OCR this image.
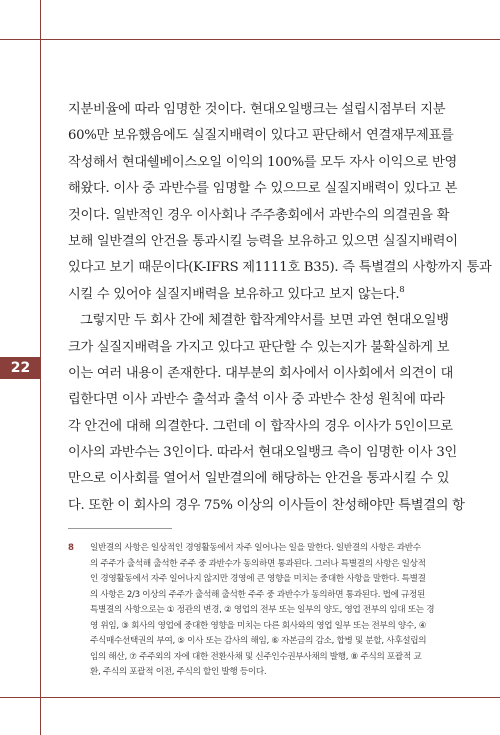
22
지분비율에 따라 임명한 것이다. 현대오일뱅크는 설립시점부터 지분
60%만 보유했음에도 실질지배력이 있다고 판단해서 연결재무제표를
작성해서 현대쉘베이스오일 이익의 100%를 모두 자사 이익으로 반영
해왔다. 이사 중 과반수를 임명할 수 있으므로 실질지배력이 있다고 본
것이다. 일반적인 경우 이사회나 주주총회에서 과반수의 의결권을 확
보해 일반결의 안건을 통과시킬 능력을 보유하고 있으면 실질지배력이
있다고 보기 때문이다(K-IFRS 제1111호 B35). 즉 특별결의 사항까지 통과
시킬 수 있어야 실질지배력을 보유하고 있다고 보지 않는다.$^8$
그렇지만 두 회사 간에 체결한 합작계약서를 보면 과연 현대오일뱅
크가 실질지배력을 가지고 있다고 판단할 수 있는지가 불확실하게 보
이는 여러 내용이 존재한다. 대부분의 회사에서 이사회에서 의견이 대
립한다면 이사 과반수 출석과 출석 이사 중 과반수 찬성 원칙에 따라
각 안건에 대해 의결한다. 그런데 이 합작사의 경우 이사가 5인이므로
이사의 과반수는 3인이다. 따라서 현대오일뱅크 측이 임명한 이사 3인
만으로 이사회를 열어서 일반결의에 해당하는 안건을 통과시킬 수 있
다. 또한 이 회사의 경우 75% 이상의 이사들이 찬성해야만 특별결의 항
8 일반결의 사항은 일상적인 경영활동에서 자주 일어나는 일을 말한다. 일반결의 사항은 과반수
의 주주가 출석해 출석한 주주 중 과반수가 동의하면 통과된다. 그러나 특별결의 사항은 일상적
인 경영활동에서 자주 일어나지 않지만 경영에 큰 영향을 미치는 중대한 사항을 말한다. 특별결
의 사항은 2/3 이상의 주주가 출석해 출석한 주주 중 과반수가 동의하면 통과된다. 법에 규정된
특별결의 사항으로는 ① 정관의 변경, ② 영업의 전부 또는 일부의 양도, 영업 전부의 임대 또는 경
영 위임, ③ 회사의 영업에 중대한 영향을 미치는 다른 회사와의 영업 일부 또는 전부의 양수, ④
주식매수선택권의 부여, ⑤ 이사 또는 감사의 해임, ⑥ 자본금의 감소, 합병 및 분할, 사후설립의
임의 해산, ⑦ 주주외의 자에 대한 전환사채 및 신주인수권부사채의 발행, ⑧ 주식의 포괄적 교
환, 주식의 포괄적 이전, 주식의 할인 발행 등이다.
